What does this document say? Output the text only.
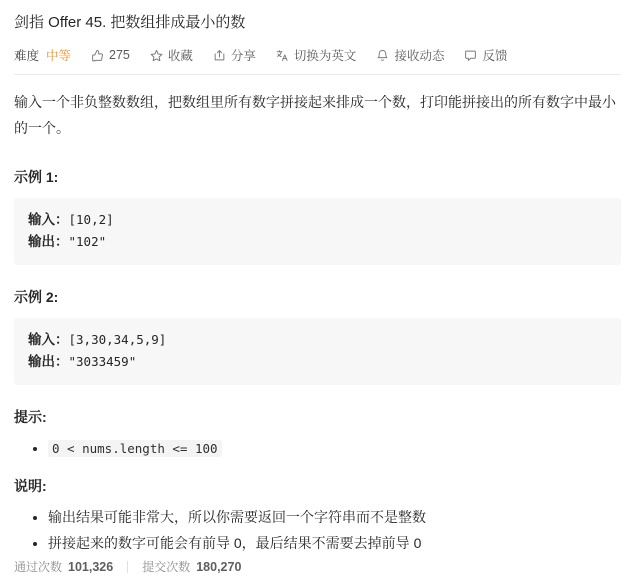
剑指 Offer 45. 把数组排成最小的数
难度 中等	275	收藏	分享	切换为英文	接收动态	反馈

输入一个非负整数数组，把数组里所有数字拼接起来排成一个数，打印能拼接出的所有数字中最小的一个。

示例 1:
输入：[10,2]
输出："102"
示例 2:
输入：[3,30,34,5,9]
输出："3033459"
提示:
• 0 < nums.length <= 100
说明:
• 输出结果可能非常大，所以你需要返回一个字符串而不是整数
• 拼接起来的数字可能会有前导 0，最后结果不需要去掉前导 0
通过次数 101,326 提交次数 180,270
